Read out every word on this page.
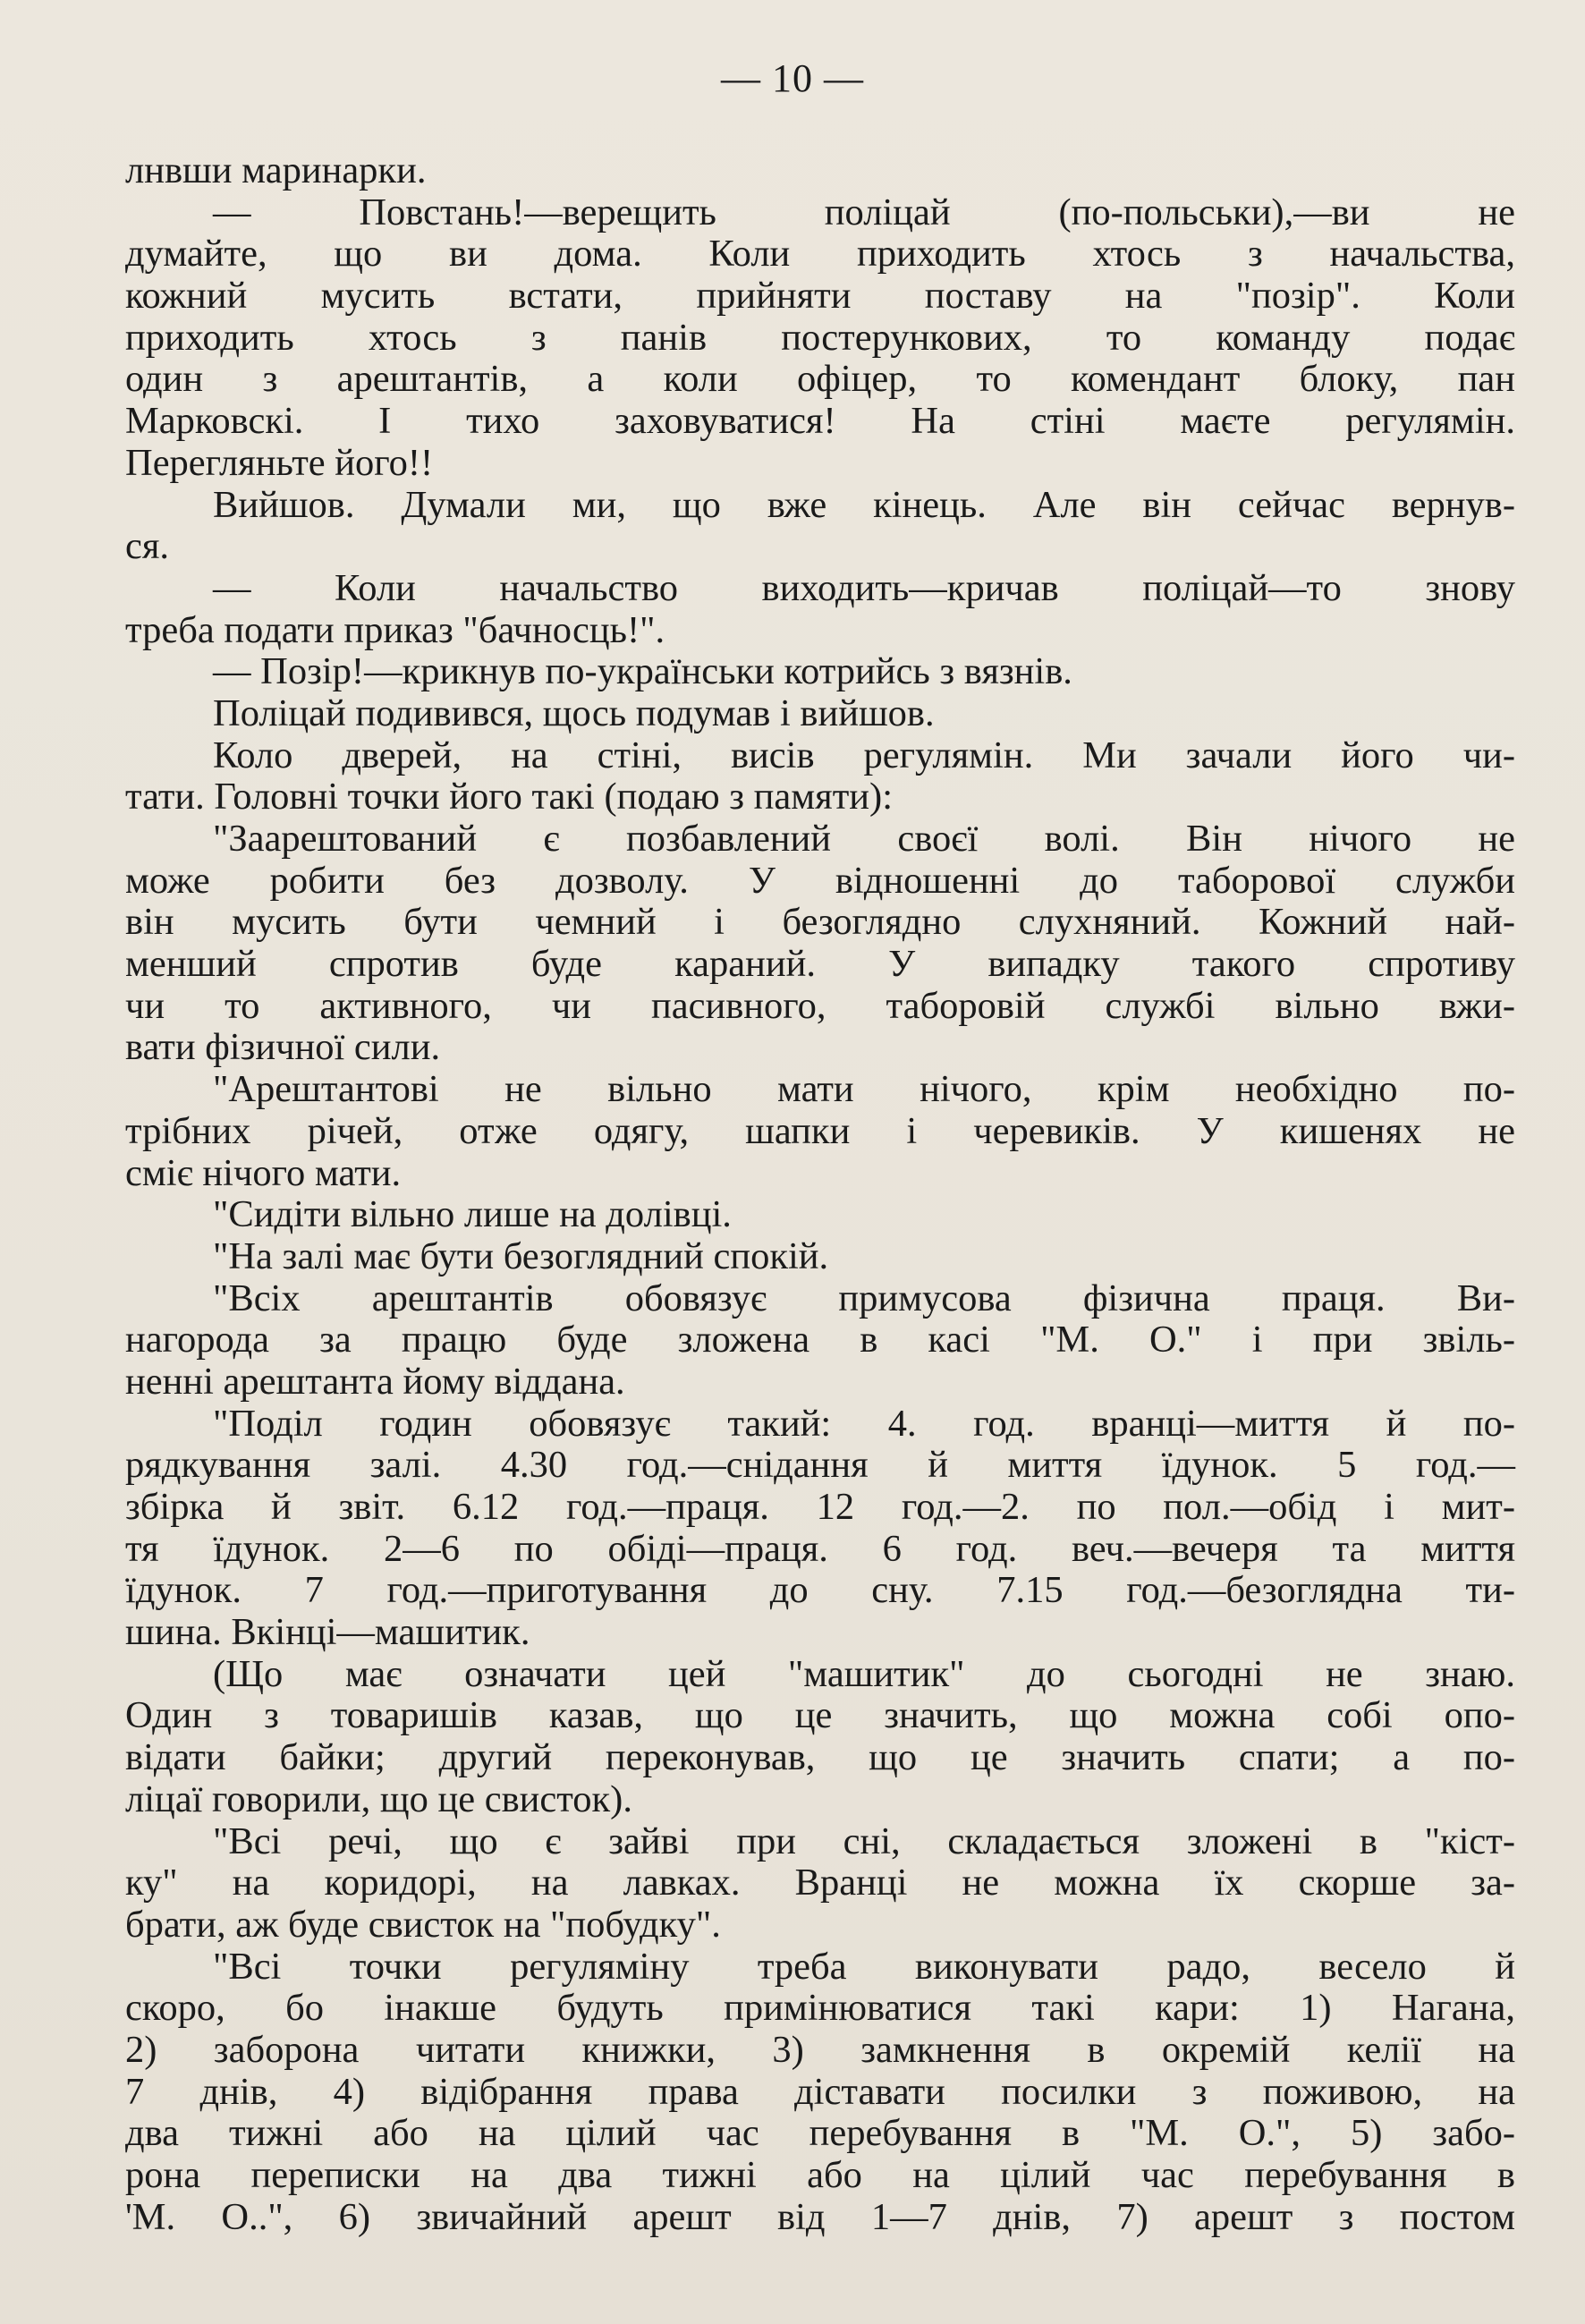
— 10 —
лнвши маринарки.
— Повстань!—верещить поліцай (по-польськи),—ви не
думайте, що ви дома. Коли приходить хтось з начальства,
кожний мусить встати, прийняти поставу на "позір". Коли
приходить хтось з панів постерункових, то команду подає
один з арештантів, а коли офіцер, то комендант блоку, пан
Марковскі. І тихо заховуватися! На стіні маєте регулямін.
Перегляньте його!!
Вийшов. Думали ми, що вже кінець. Але він сейчас вернув-
ся.
— Коли начальство виходить—кричав поліцай—то знову
треба подати приказ "бачносць!".
— Позір!—крикнув по-українськи котрийсь з вязнів.
Поліцай подивився, щось подумав і вийшов.
Коло дверей, на стіні, висів регулямін. Ми зачали його чи-
тати. Головні точки його такі (подаю з памяти):
"Заарештований є позбавлений своєї волі. Він нічого не
може робити без дозволу. У відношенні до таборової служби
він мусить бути чемний і безоглядно слухняний. Кожний най-
менший спротив буде караний. У випадку такого спротиву
чи то активного, чи пасивного, таборовій службі вільно вжи-
вати фізичної сили.
"Арештантові не вільно мати нічого, крім необхідно по-
трібних річей, отже одягу, шапки і черевиків. У кишенях не
сміє нічого мати.
"Сидіти вільно лише на долівці.
"На залі має бути безоглядний спокій.
"Всіх арештантів обовязує примусова фізична праця. Ви-
нагорода за працю буде зложена в касі "М. О." і при звіль-
ненні арештанта йому віддана.
"Поділ годин обовязує такий: 4. год. вранці—миття й по-
рядкування залі. 4.30 год.—снідання й миття їдунок. 5 год.—
збірка й звіт. 6.12 год.—праця. 12 год.—2. по пол.—обід і мит-
тя їдунок. 2—6 по обіді—праця. 6 год. веч.—вечеря та миття
їдунок. 7 год.—приготування до сну. 7.15 год.—безоглядна ти-
шина. Вкінці—машитик.
(Що має означати цей "машитик" до сьогодні не знаю.
Один з товаришів казав, що це значить, що можна собі опо-
відати байки; другий переконував, що це значить спати; а по-
ліцаї говорили, що це свисток).
"Всі речі, що є зайві при сні, складається зложені в "кіст-
ку" на коридорі, на лавках. Вранці не можна їх скорше за-
брати, аж буде свисток на "побудку".
"Всі точки регуляміну треба виконувати радо, весело й
скоро, бо інакше будуть примінюватися такі кари: 1) Нагана,
2) заборона читати книжки, 3) замкнення в окремій келії на
7 днів, 4) відібрання права діставати посилки з поживою, на
два тижні або на цілий час перебування в "М. О.", 5) забо-
рона переписки на два тижні або на цілий час перебування в
'М. О..", 6) звичайний арешт від 1—7 днів, 7) арешт з постом
